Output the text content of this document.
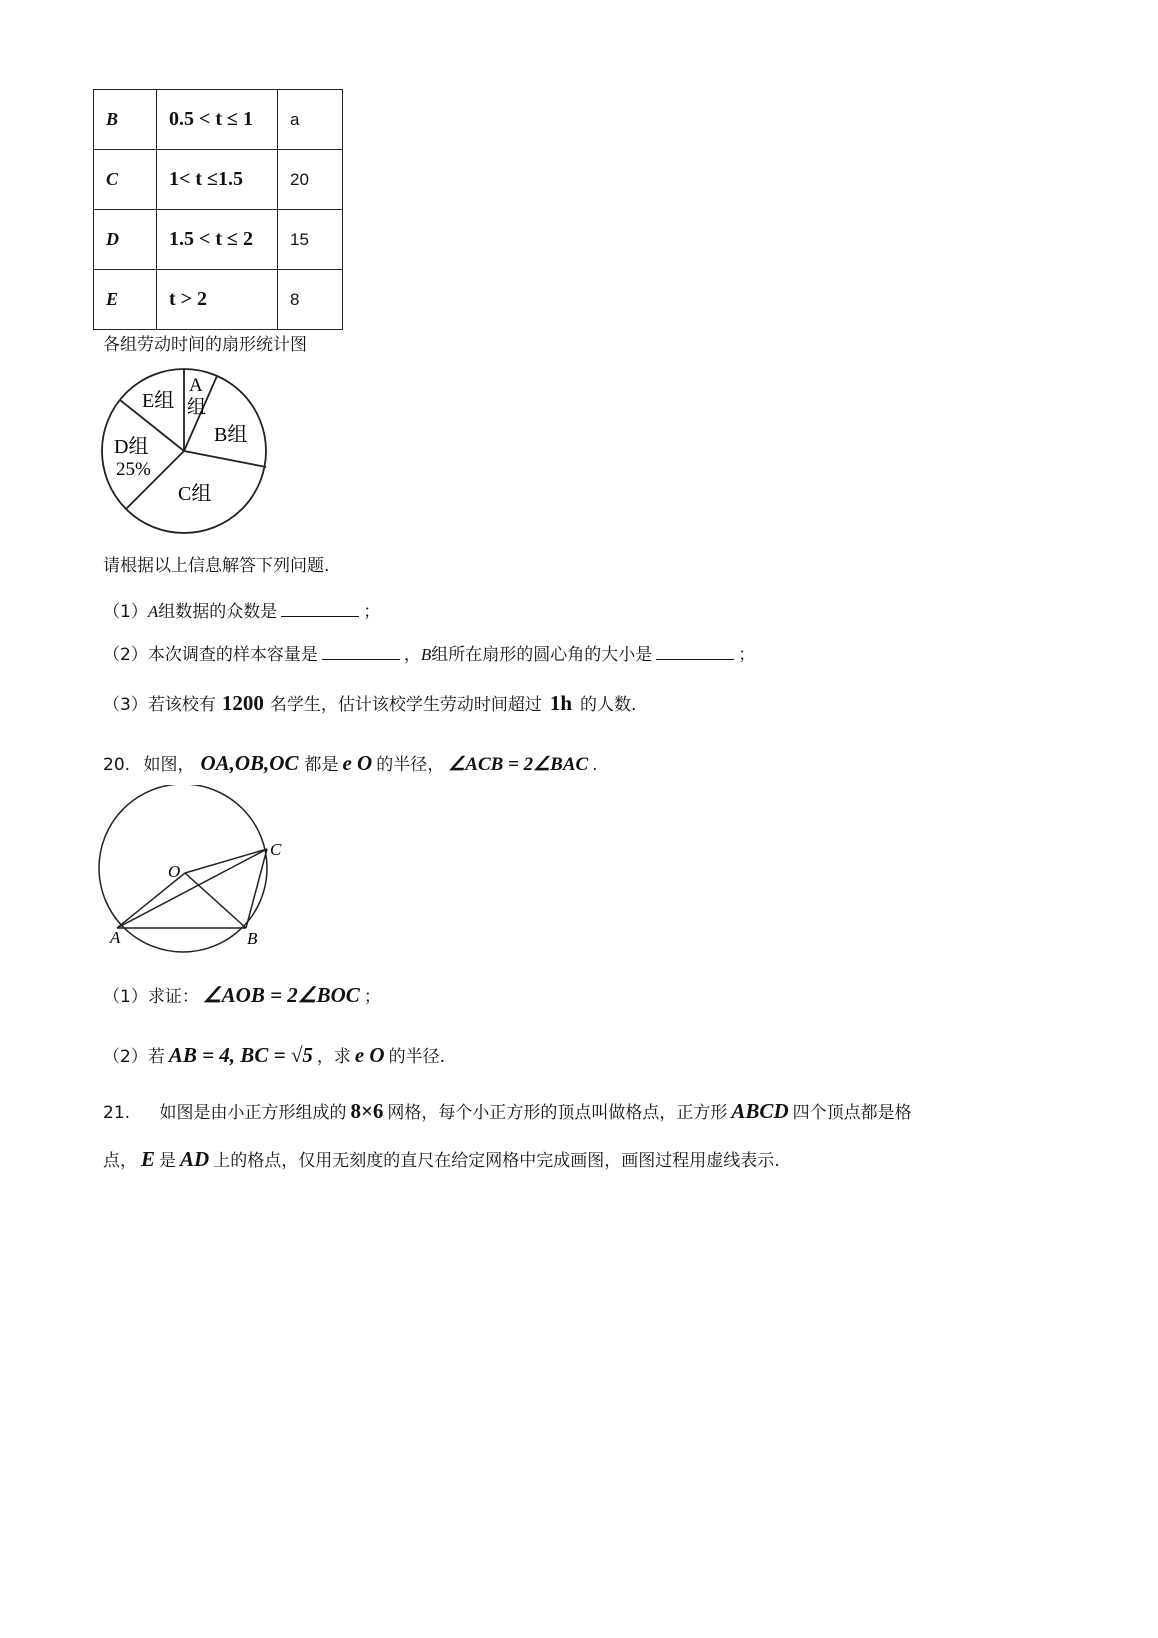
B	0.5 < t ≤ 1	a
C	1< t ≤1.5	20
D	1.5 < t ≤ 2	15
E	t > 2	8
各组劳动时间的扇形统计图
A
组
B组
C组
D组
25%
E组
请根据以上信息解答下列问题.
（1）A组数据的众数是	；
（2）本次调查的样本容量是	，B组所在扇形的圆心角的大小是	；
（3）若该校有 1200 名学生，估计该校学生劳动时间超过 1h 的人数.
20. 如图， OA,OB,OC 都是 e O 的半径， ∠ACB = 2∠BAC .
O
A	B
C
（1）求证： ∠AOB = 2∠BOC ；
（2）若 AB = 4, BC = √5 ，求 e O 的半径.
21. 如图是由小正方形组成的 8×6 网格，每个小正方形的顶点叫做格点，正方形 ABCD 四个顶点都是格
点， E 是 AD 上的格点，仅用无刻度的直尺在给定网格中完成画图，画图过程用虚线表示.
